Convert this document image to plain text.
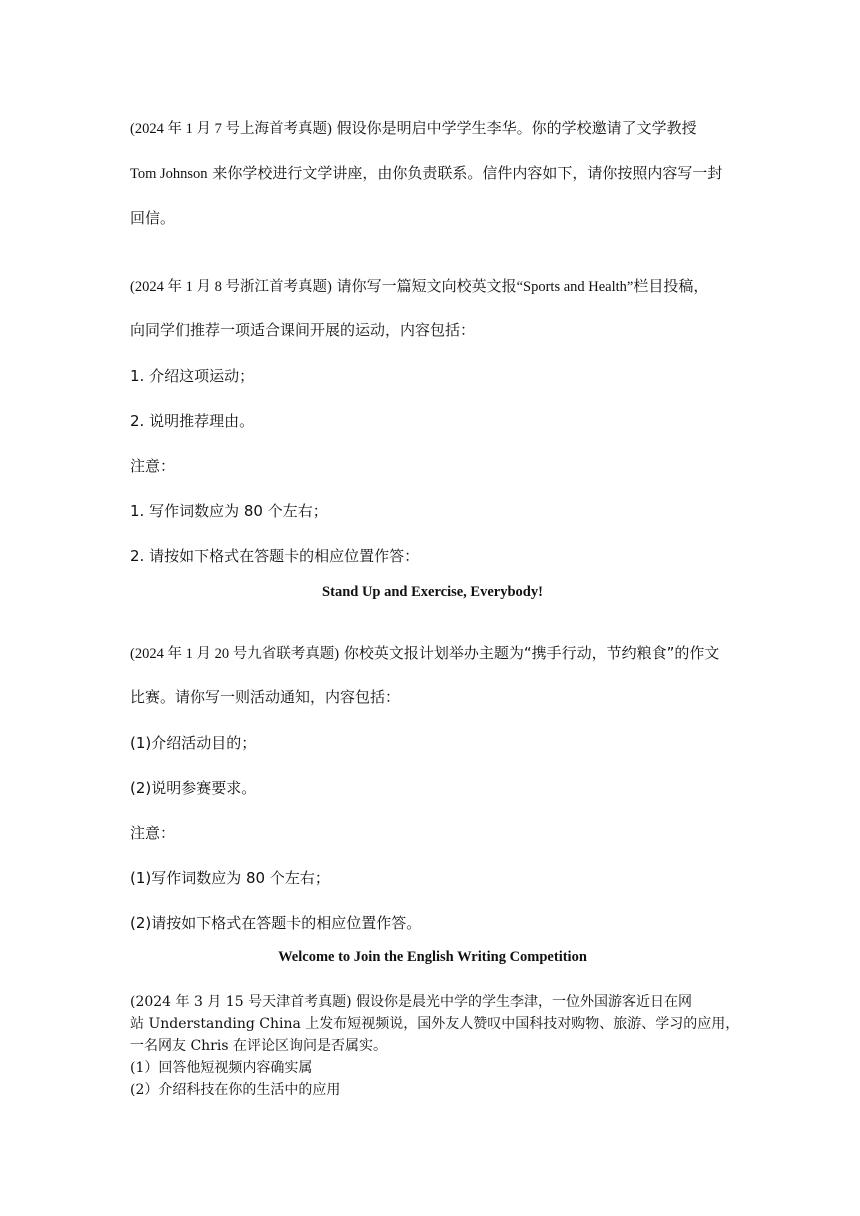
(2024 年 1 月 7 号上海首考真题) 假设你是明启中学学生李华。你的学校邀请了文学教授
Tom Johnson 来你学校进行文学讲座，由你负责联系。信件内容如下，请你按照内容写一封
回信。
(2024 年 1 月 8 号浙江首考真题) 请你写一篇短文向校英文报“Sports and Health”栏目投稿，
向同学们推荐一项适合课间开展的运动，内容包括：
1. 介绍这项运动；
2. 说明推荐理由。
注意：
1. 写作词数应为 80 个左右；
2. 请按如下格式在答题卡的相应位置作答：
Stand Up and Exercise, Everybody!
(2024 年 1 月 20 号九省联考真题) 你校英文报计划举办主题为“携手行动，节约粮食”的作文
比赛。请你写一则活动通知，内容包括：
(1)介绍活动目的；
(2)说明参赛要求。
注意：
(1)写作词数应为 80 个左右；
(2)请按如下格式在答题卡的相应位置作答。
Welcome to Join the English Writing Competition
(2024 年 3 月 15 号天津首考真题) 假设你是晨光中学的学生李津，一位外国游客近日在网
站 Understanding China 上发布短视频说，国外友人赞叹中国科技对购物、旅游、学习的应用，
一名网友 Chris 在评论区询问是否属实。
(1）回答他短视频内容确实属
(2）介绍科技在你的生活中的应用
